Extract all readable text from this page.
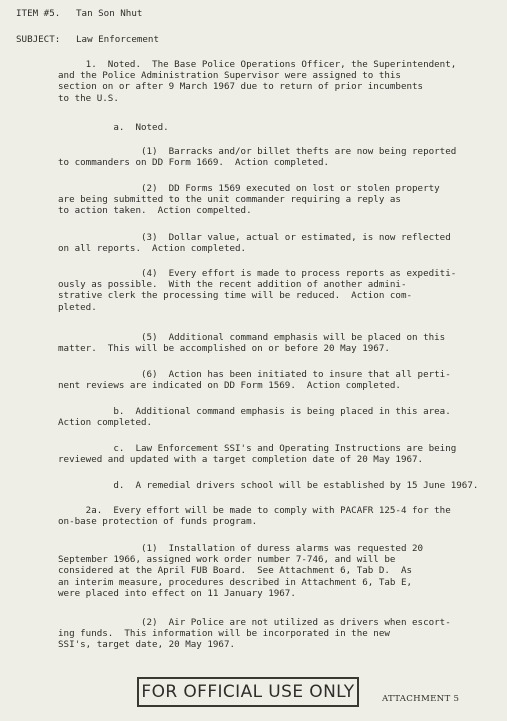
ITEM #5. Tan Son Nhut
SUBJECT: Law Enforcement
1.  Noted.  The Base Police Operations Officer, the Superintendent,
and the Police Administration Supervisor were assigned to this
section on or after 9 March 1967 due to return of prior incumbents
to the U.S.
a.  Noted.
(1)  Barracks and/or billet thefts are now being reported
to commanders on DD Form 1669.  Action completed.
(2)  DD Forms 1569 executed on lost or stolen property
are being submitted to the unit commander requiring a reply as
to action taken.  Action compelted.
(3)  Dollar value, actual or estimated, is now reflected
on all reports.  Action completed.
(4)  Every effort is made to process reports as expediti-
ously as possible.  With the recent addition of another admini-
strative clerk the processing time will be reduced.  Action com-
pleted.
(5)  Additional command emphasis will be placed on this
matter.  This will be accomplished on or before 20 May 1967.
(6)  Action has been initiated to insure that all perti-
nent reviews are indicated on DD Form 1569.  Action completed.
b.  Additional command emphasis is being placed in this area.
Action completed.
c.  Law Enforcement SSI's and Operating Instructions are being
reviewed and updated with a target completion date of 20 May 1967.
d.  A remedial drivers school will be established by 15 June 1967.
2a.  Every effort will be made to comply with PACAFR 125-4 for the
on-base protection of funds program.
(1)  Installation of duress alarms was requested 20
September 1966, assigned work order number 7-746, and will be
considered at the April FUB Board.  See Attachment 6, Tab D.  As
an interim measure, procedures described in Attachment 6, Tab E,
were placed into effect on 11 January 1967.
(2)  Air Police are not utilized as drivers when escort-
ing funds.  This information will be incorporated in the new
SSI's, target date, 20 May 1967.
FOR OFFICIAL USE ONLY	ATTACHMENT 5
